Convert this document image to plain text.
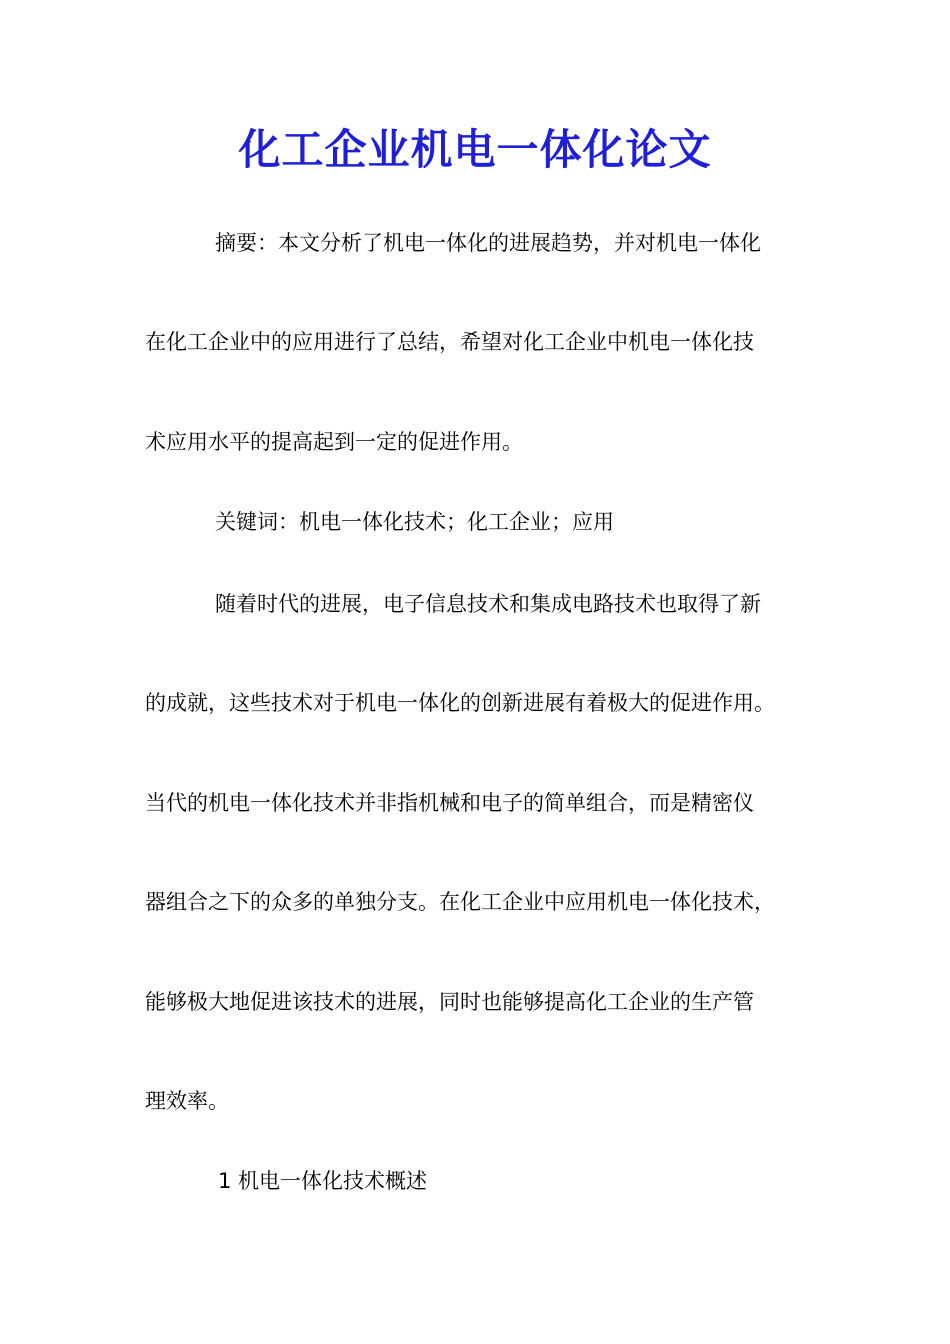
化工企业机电一体化论文
摘要：本文分析了机电一体化的进展趋势，并对机电一体化
在化工企业中的应用进行了总结，希望对化工企业中机电一体化技
术应用水平的提高起到一定的促进作用。
关键词：机电一体化技术；化工企业；应用
随着时代的进展，电子信息技术和集成电路技术也取得了新
的成就，这些技术对于机电一体化的创新进展有着极大的促进作用。
当代的机电一体化技术并非指机械和电子的简单组合，而是精密仪
器组合之下的众多的单独分支。在化工企业中应用机电一体化技术，
能够极大地促进该技术的进展，同时也能够提高化工企业的生产管
理效率。
1 机电一体化技术概述
